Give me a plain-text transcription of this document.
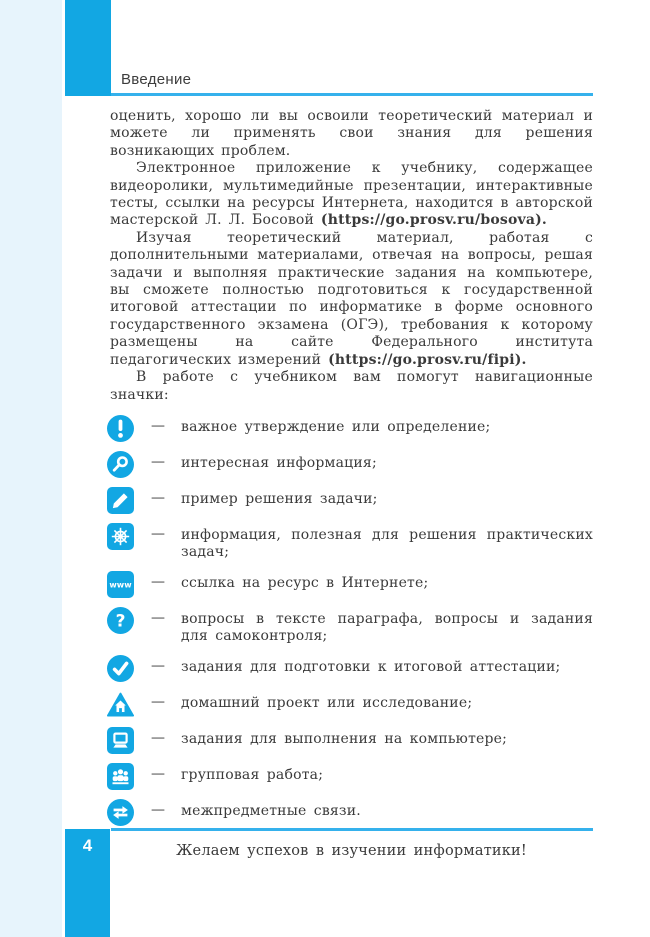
Введение

оценить, хорошо ли вы освоили теоретический материал и можете ли применять свои знания для решения возникающих проблем.

Электронное приложение к учебнику, содержащее видеоролики, мультимедийные презентации, интерактивные тесты, ссылки на ресурсы Интернета, находится в авторской мастерской Л. Л. Босовой (https://go.prosv.ru/bosova).

Изучая теоретический материал, работая с дополнительными материалами, отвечая на вопросы, решая задачи и выполняя практические задания на компьютере, вы сможете полностью подготовиться к государственной итоговой аттестации по информатике в форме основного государственного экзамена (ОГЭ), требования к которому размещены на сайте Федерального института педагогических измерений (https://go.prosv.ru/fipi).

В работе с учебником вам помогут навигационные значки:

—	важное утверждение или определение;
—	интересная информация;
—	пример решения задачи;
—	информация, полезная для решения практических задач;
www	—	ссылка на ресурс в Интернете;
?	—	вопросы в тексте параграфа, вопросы и задания для самоконтроля;
—	задания для подготовки к итоговой аттестации;
—	домашний проект или исследование;
—	задания для выполнения на компьютере;
—	групповая работа;
—	межпредметные связи.
Желаем успехов в изучении информатики!
4
